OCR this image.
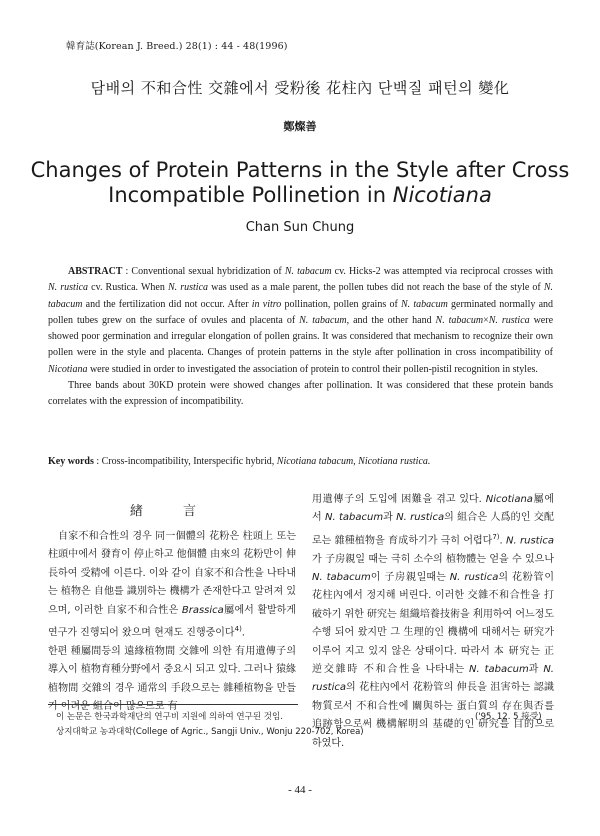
韓育誌(Korean J. Breed.) 28(1) : 44 - 48(1996)
담배의 不和合性 交雜에서 受粉後 花柱內 단백질 패턴의 變化
鄭燦善
Changes of Protein Patterns in the Style after Cross
Incompatible Pollinetion in Nicotiana
Chan Sun Chung

ABSTRACT : Conventional sexual hybridization of N. tabacum cv. Hicks-2 was attempted via reciprocal crosses with N. rustica cv. Rustica. When N. rustica was used as a male parent, the pollen tubes did not reach the base of the style of N. tabacum and the fertilization did not occur. After in vitro pollination, pollen grains of N. tabacum germinated normally and pollen tubes grew on the surface of ovules and placenta of N. tabacum, and the other hand N. tabacum×N. rustica were showed poor germination and irregular elongation of pollen grains. It was considered that mechanism to recognize their own pollen were in the style and placenta. Changes of protein patterns in the style after pollination in cross incompatibility of Nicotiana were studied in order to investigated the association of protein to control their pollen-pistil recognition in styles.

Three bands about 30KD protein were showed changes after pollination. It was considered that these protein bands correlates with the expression of incompatibility.

Key words : Cross-incompatibility, Interspecific hybrid, Nicotiana tabacum, Nicotiana rustica.
緖 言

自家不和合性의 경우 同一個體의 花粉은 柱頭上 또는 柱頭中에서 發育이 停止하고 他個體 由來의 花粉만이 伸長하여 受精에 이른다. 이와 같이 自家不和合性을 나타내는 植物은 自他를 識別하는 機構가 존재한다고 알려져 있으며, 이러한 自家不和合性은 Brassica屬에서 활발하게 연구가 진행되어 왔으며 현재도 진행중이다$^{4)}$.
한편 種屬間등의 遠緣植物間 交雜에 의한 有用遺傳子의 導入이 植物育種分野에서 중요시 되고 있다. 그러나 猿緣植物間 交雜의 경우 通常의 手段으로는 雜種植物을 만들기 어려운 組合이 많으므로 有

用遺傳子의 도입에 困難을 겪고 있다. Nicotiana屬에서 N. tabacum과 N. rustica의 組合은 人爲的인 交配로는 雜種植物을 育成하기가 극히 어렵다$^{7)}$. N. rustica가 子房親일 때는 극히 소수의 植物體는 얻을 수 있으나 N. tabacum이 子房親일때는 N. rustica의 花粉管이 花柱內에서 정지해 버린다. 이러한 交雜不和合性을 打破하기 위한 研究는 組織培養技術을 利用하여 어느정도 수행 되어 왔지만 그 生理的인 機構에 대해서는 研究가 이루어 지고 있지 않은 상태이다. 따라서 本 研究는 正逆交雜時 不和合性을 나타내는 N. tabacum과 N. rustica의 花柱內에서 花粉管의 伸長을 沮害하는 認識物質로서 不和合性에 關與하는 蛋白質의 存在與否를 追跡함으로써 機構解明의 基礎的인 研究를 目的으로 하였다.

이 논문은 한국과학재단의 연구비 지원에 의하여 연구된 것임.
상지대학교 농과대학(College of Agric., Sangji Univ., Wonju 220-702, Korea)
('95. 12. 5 接受)
- 44 -
